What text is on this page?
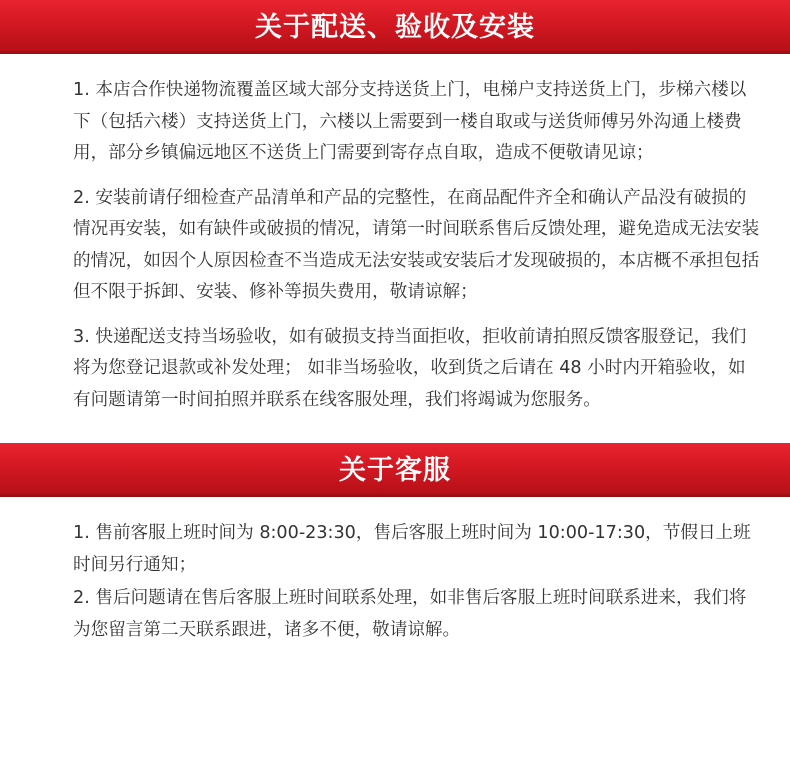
关于配送、验收及安装

1. 本店合作快递物流覆盖区域大部分支持送货上门，电梯户支持送货上门，步梯六楼以下（包括六楼）支持送货上门，六楼以上需要到一楼自取或与送货师傅另外沟通上楼费用，部分乡镇偏远地区不送货上门需要到寄存点自取，造成不便敬请见谅；

2. 安装前请仔细检查产品清单和产品的完整性，在商品配件齐全和确认产品没有破损的情况再安装，如有缺件或破损的情况，请第一时间联系售后反馈处理，避免造成无法安装的情况，如因个人原因检查不当造成无法安装或安装后才发现破损的，本店概不承担包括但不限于拆卸、安装、修补等损失费用，敬请谅解；

3. 快递配送支持当场验收，如有破损支持当面拒收，拒收前请拍照反馈客服登记，我们将为您登记退款或补发处理； 如非当场验收，收到货之后请在 48 小时内开箱验收，如有问题请第一时间拍照并联系在线客服处理，我们将竭诚为您服务。

关于客服

1. 售前客服上班时间为 8:00-23:30，售后客服上班时间为 10:00-17:30，节假日上班时间另行通知；

2. 售后问题请在售后客服上班时间联系处理，如非售后客服上班时间联系进来，我们将为您留言第二天联系跟进，诸多不便，敬请谅解。
